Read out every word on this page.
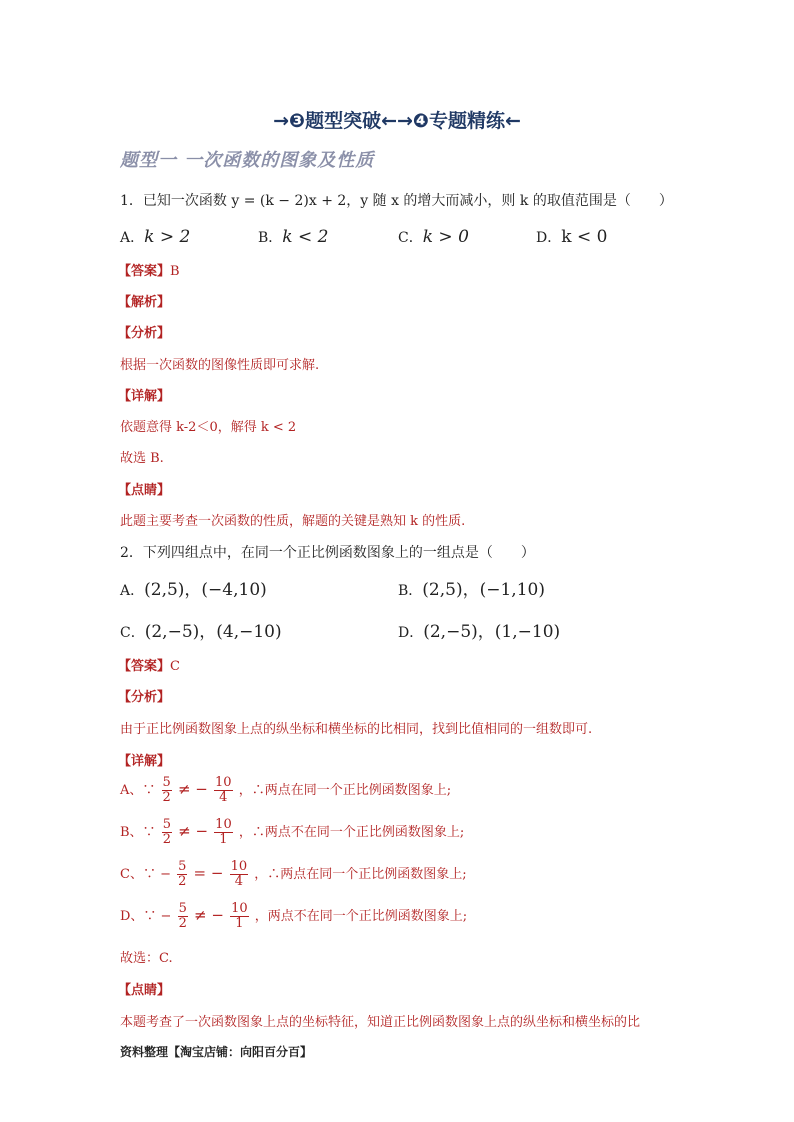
→❸题型突破←→❹专题精练←
题型一 一次函数的图象及性质
1．已知一次函数 y = (k − 2)x + 2，y 随 x 的增大而减小，则 k 的取值范围是（　　）
A．k > 2	B．k < 2	C．k > 0	D．k < 0
【答案】B
【解析】
【分析】
根据一次函数的图像性质即可求解.
【详解】
依题意得 k-2＜0，解得 k < 2
故选 B.
【点睛】
此题主要考查一次函数的性质，解题的关键是熟知 k 的性质.
2．下列四组点中，在同一个正比例函数图象上的一组点是（　　）
A．(2,5)，(−4,10)	B．(2,5)，(−1,10)
C．(2,−5)，(4,−10)	D．(2,−5)，(1,−10)
【答案】C
【分析】
由于正比例函数图象上点的纵坐标和横坐标的比相同，找到比值相同的一组数即可.
【详解】
A、∵ $\frac{5}{2}$ ≠ − $\frac{10}{4}$ ，∴两点在同一个正比例函数图象上;
B、∵ $\frac{5}{2}$ ≠ − $\frac{10}{1}$ ，∴两点不在同一个正比例函数图象上;
C、∵ − $\frac{5}{2}$ = − $\frac{10}{4}$ ，∴两点在同一个正比例函数图象上;
D、∵ − $\frac{5}{2}$ ≠ − $\frac{10}{1}$ ，两点不在同一个正比例函数图象上;
故选：C.
【点睛】
本题考查了一次函数图象上点的坐标特征，知道正比例函数图象上点的纵坐标和横坐标的比
资料整理【淘宝店铺：向阳百分百】
